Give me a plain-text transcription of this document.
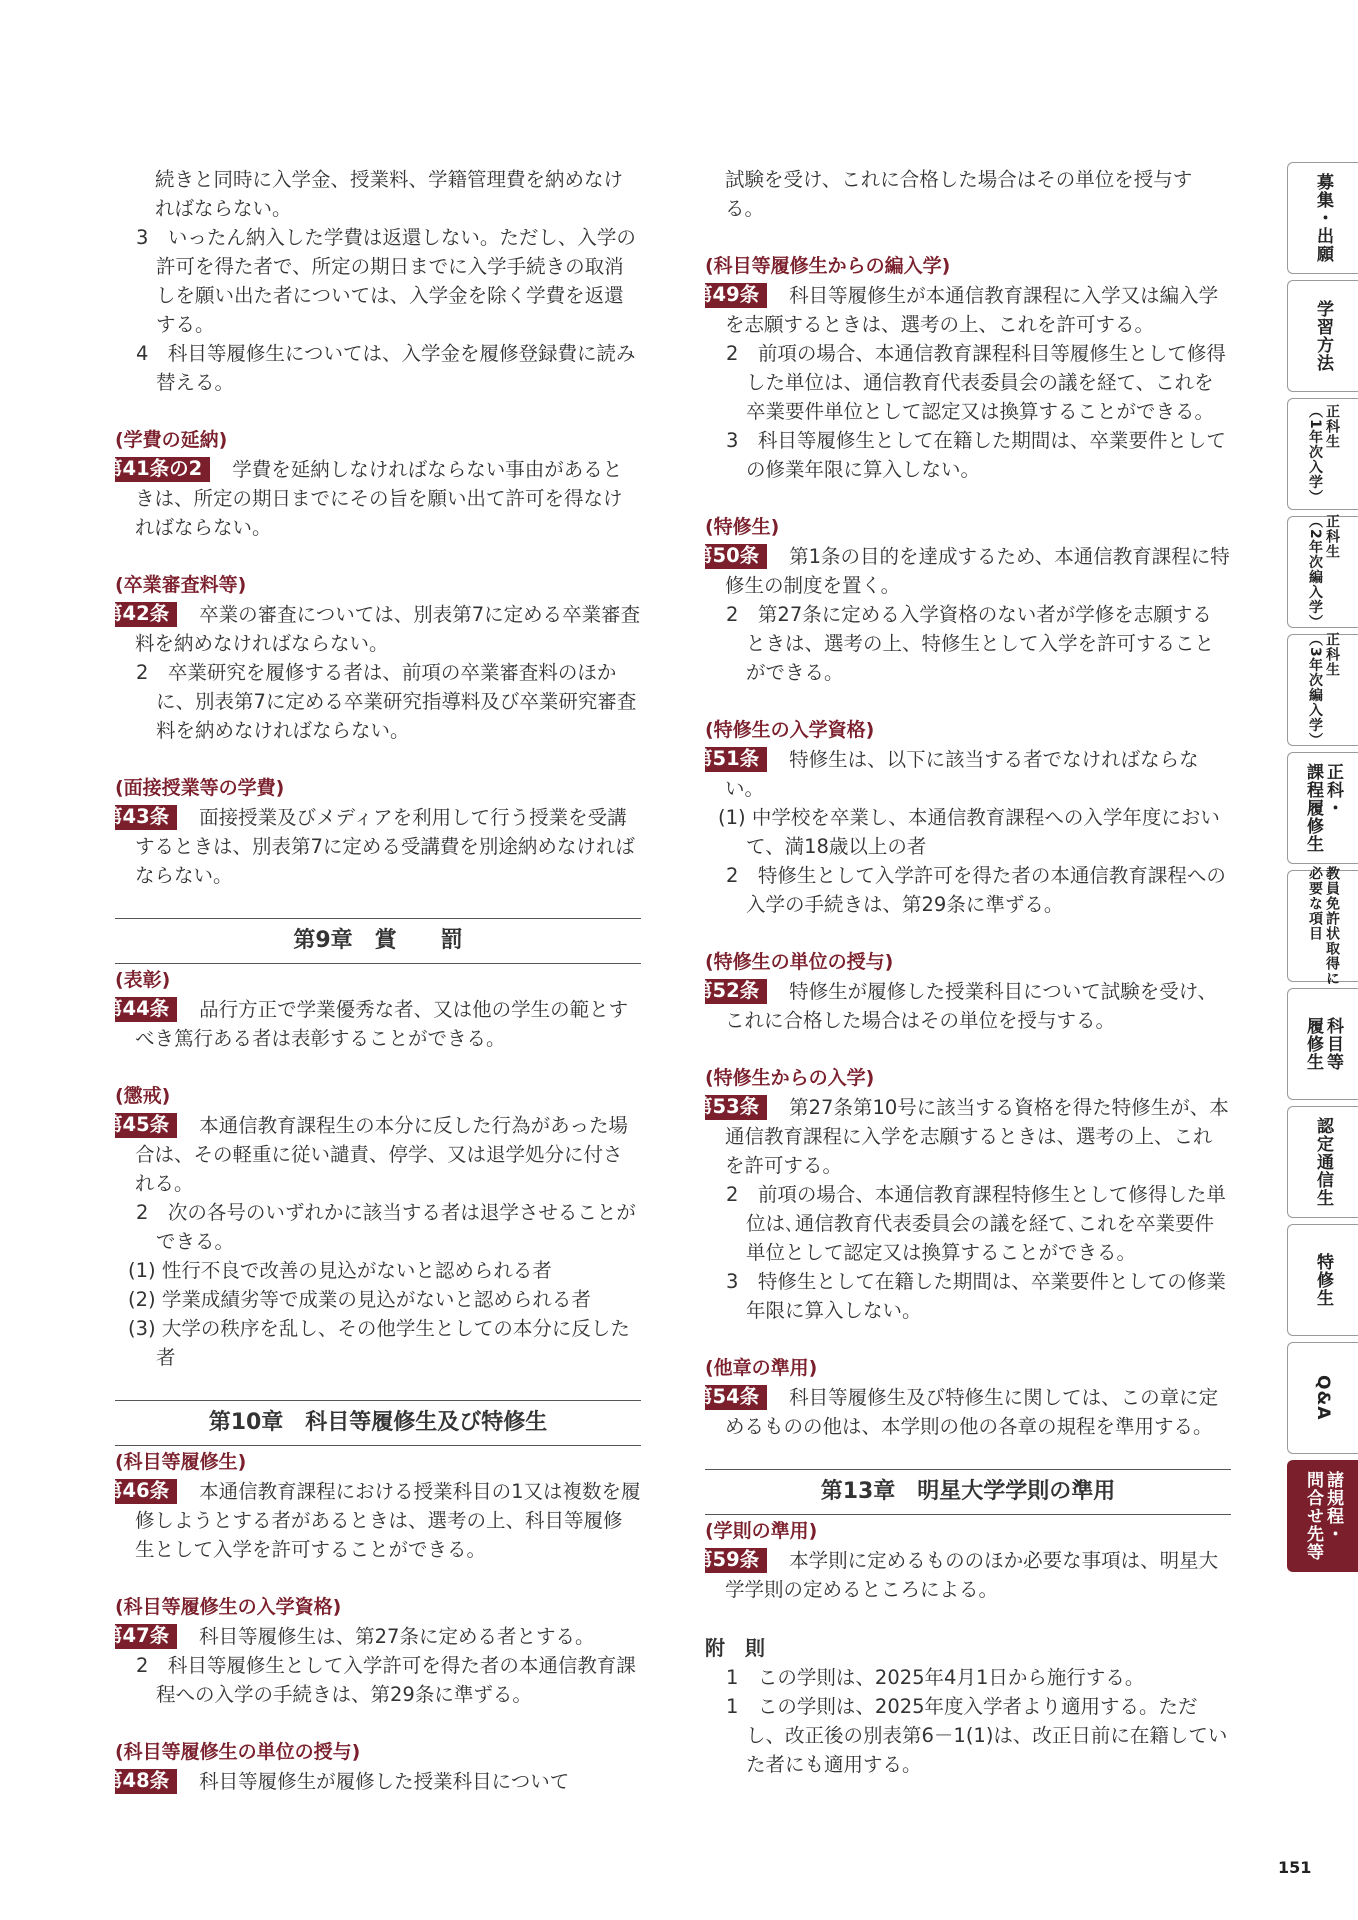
続きと同時に入学金、授業料、学籍管理費を納めなければならない。
3　いったん納入した学費は返還しない。ただし、入学の許可を得た者で、所定の期日までに入学手続きの取消しを願い出た者については、入学金を除く学費を返還する。
4　科目等履修生については、入学金を履修登録費に読み替える。
(学費の延納)
第41条の2 学費を延納しなければならない事由があるときは、所定の期日までにその旨を願い出て許可を得なければならない。
(卒業審査料等)
第42条 卒業の審査については、別表第7に定める卒業審査料を納めなければならない。
2　卒業研究を履修する者は、前項の卒業審査料のほかに、別表第7に定める卒業研究指導料及び卒業研究審査料を納めなければならない。
(面接授業等の学費)
第43条 面接授業及びメディアを利用して行う授業を受講するときは、別表第7に定める受講費を別途納めなければならない。
第9章　賞　　罰
(表彰)
第44条 品行方正で学業優秀な者、又は他の学生の範とすべき篤行ある者は表彰することができる。
(懲戒)
第45条 本通信教育課程生の本分に反した行為があった場合は、その軽重に従い譴責、停学、又は退学処分に付される。
2　次の各号のいずれかに該当する者は退学させることができる。
(1) 性行不良で改善の見込がないと認められる者
(2) 学業成績劣等で成業の見込がないと認められる者
(3) 大学の秩序を乱し、その他学生としての本分に反した者
第10章　科目等履修生及び特修生
(科目等履修生)
第46条 本通信教育課程における授業科目の1又は複数を履修しようとする者があるときは、選考の上、科目等履修生として入学を許可することができる。
(科目等履修生の入学資格)
第47条 科目等履修生は、第27条に定める者とする。
2　科目等履修生として入学許可を得た者の本通信教育課程への入学の手続きは、第29条に準ずる。
(科目等履修生の単位の授与)
第48条 科目等履修生が履修した授業科目について
試験を受け、これに合格した場合はその単位を授与する。
(科目等履修生からの編入学)
第49条 科目等履修生が本通信教育課程に入学又は編入学を志願するときは、選考の上、これを許可する。
2　前項の場合、本通信教育課程科目等履修生として修得した単位は、通信教育代表委員会の議を経て、これを卒業要件単位として認定又は換算することができる。
3　科目等履修生として在籍した期間は、卒業要件としての修業年限に算入しない。
(特修生)
第50条 第1条の目的を達成するため、本通信教育課程に特修生の制度を置く。
2　第27条に定める入学資格のない者が学修を志願するときは、選考の上、特修生として入学を許可することができる。
(特修生の入学資格)
第51条 特修生は、以下に該当する者でなければならない。
(1) 中学校を卒業し、本通信教育課程への入学年度において、満18歳以上の者
2　特修生として入学許可を得た者の本通信教育課程への入学の手続きは、第29条に準ずる。
(特修生の単位の授与)
第52条 特修生が履修した授業科目について試験を受け、これに合格した場合はその単位を授与する。
(特修生からの入学)
第53条 第27条第10号に該当する資格を得た特修生が、本通信教育課程に入学を志願するときは、選考の上、これを許可する。
2　前項の場合、本通信教育課程特修生として修得した単位は､通信教育代表委員会の議を経て､これを卒業要件単位として認定又は換算することができる。
3　特修生として在籍した期間は、卒業要件としての修業年限に算入しない。
(他章の準用)
第54条 科目等履修生及び特修生に関しては、この章に定めるものの他は、本学則の他の各章の規程を準用する。
第13章　明星大学学則の準用
(学則の準用)
第59条 本学則に定めるもののほか必要な事項は、明星大学学則の定めるところによる。
附　則
1　この学則は、2025年4月1日から施行する。
1　この学則は、2025年度入学者より適用する。ただし、改正後の別表第6－1(1)は、改正日前に在籍していた者にも適用する。
募集・出願
学習方法
正科生
（1年次入学）
正科生
（2年次編入学）
正科生
（3年次編入学）
正科・
課程履修生
教員免許状取得に
必要な項目
科目等
履修生
認定通信生
特修生
Q&A
諸規程・
問合せ先等
151
